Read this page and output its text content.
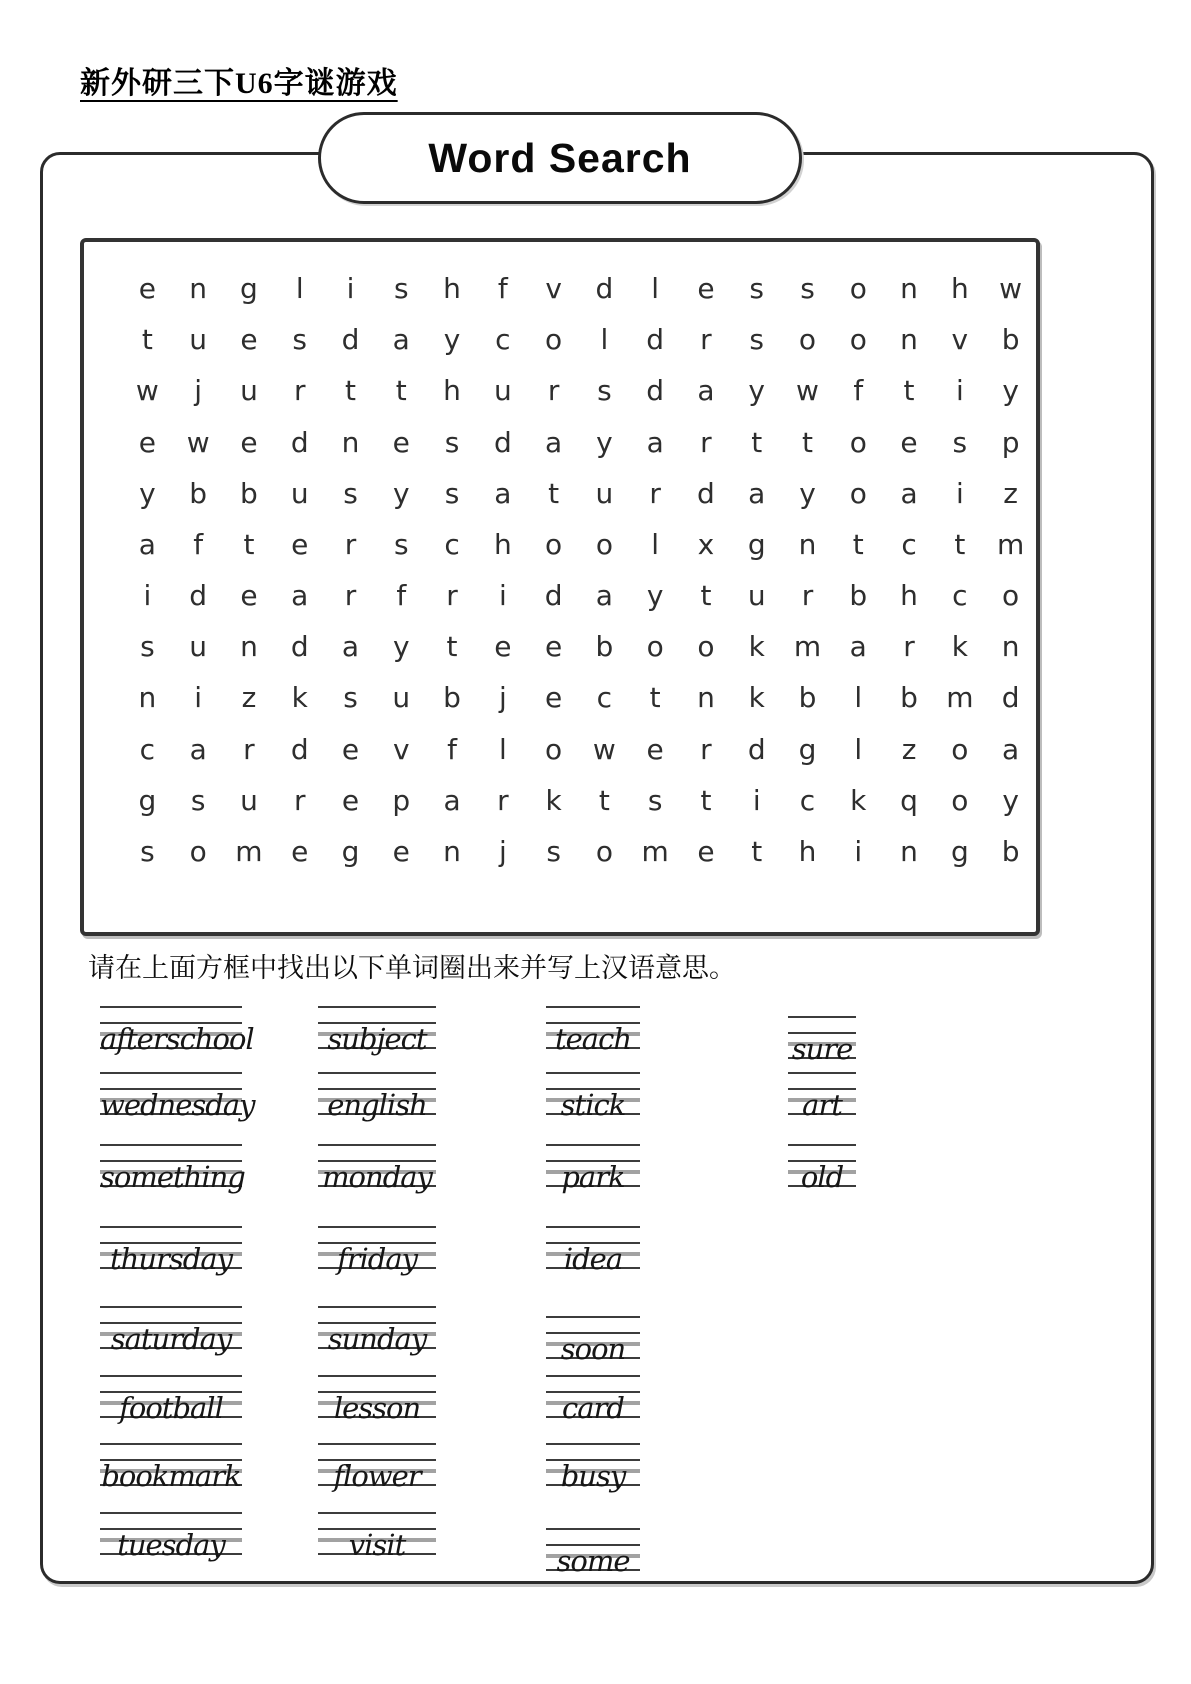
新外研三下U6字谜游戏
Word Search
e	n	g	l	i	s	h	f	v	d	l	e	s	s	o	n	h	w
t	u	e	s	d	a	y	c	o	l	d	r	s	o	o	n	v	b
w	j	u	r	t	t	h	u	r	s	d	a	y	w	f	t	i	y
e	w	e	d	n	e	s	d	a	y	a	r	t	t	o	e	s	p
y	b	b	u	s	y	s	a	t	u	r	d	a	y	o	a	i	z
a	f	t	e	r	s	c	h	o	o	l	x	g	n	t	c	t	m
i	d	e	a	r	f	r	i	d	a	y	t	u	r	b	h	c	o
s	u	n	d	a	y	t	e	e	b	o	o	k	m	a	r	k	n
n	i	z	k	s	u	b	j	e	c	t	n	k	b	l	b	m	d
c	a	r	d	e	v	f	l	o	w	e	r	d	g	l	z	o	a
g	s	u	r	e	p	a	r	k	t	s	t	i	c	k	q	o	y
s	o	m	e	g	e	n	j	s	o	m	e	t	h	i	n	g	b
请在上面方框中找出以下单词圈出来并写上汉语意思。
afterschool
wednesday
something
thursday
saturday
football
bookmark
tuesday
subject
english
monday
friday
sunday
lesson
flower
visit
teach
stick
park
idea
soon
card
busy
some
sure
art
old
